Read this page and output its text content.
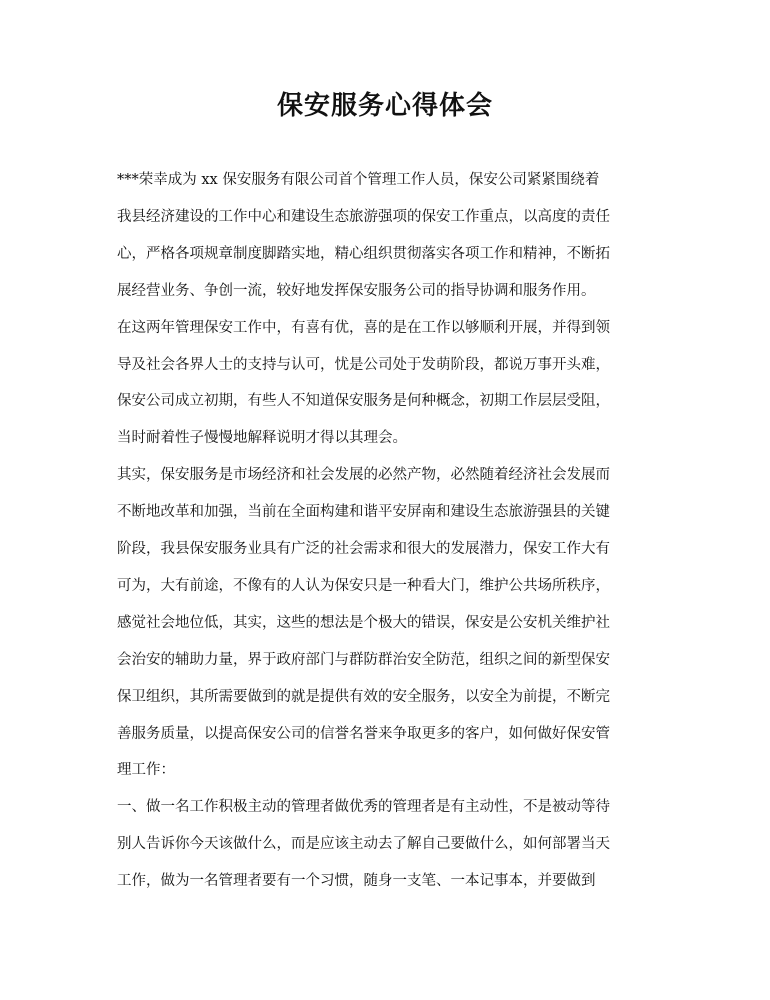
保安服务心得体会

***荣幸成为 xx 保安服务有限公司首个管理工作人员，保安公司紧紧围绕着

我县经济建设的工作中心和建设生态旅游强项的保安工作重点，以高度的责任

心，严格各项规章制度脚踏实地，精心组织贯彻落实各项工作和精神，不断拓

展经营业务、争创一流，较好地发挥保安服务公司的指导协调和服务作用。

在这两年管理保安工作中，有喜有优，喜的是在工作以够顺利开展，并得到领

导及社会各界人士的支持与认可，忧是公司处于发萌阶段，都说万事开头难，

保安公司成立初期，有些人不知道保安服务是何种概念，初期工作层层受阻，

当时耐着性子慢慢地解释说明才得以其理会。

其实，保安服务是市场经济和社会发展的必然产物，必然随着经济社会发展而

不断地改革和加强，当前在全面构建和谐平安屏南和建设生态旅游强县的关键

阶段，我县保安服务业具有广泛的社会需求和很大的发展潜力，保安工作大有

可为，大有前途，不像有的人认为保安只是一种看大门，维护公共场所秩序，

感觉社会地位低，其实，这些的想法是个极大的错误，保安是公安机关维护社

会治安的辅助力量，界于政府部门与群防群治安全防范，组织之间的新型保安

保卫组织，其所需要做到的就是提供有效的安全服务，以安全为前提，不断完

善服务质量，以提高保安公司的信誉名誉来争取更多的客户，如何做好保安管

理工作：

一、做一名工作积极主动的管理者做优秀的管理者是有主动性，不是被动等待

别人告诉你今天该做什么，而是应该主动去了解自己要做什么，如何部署当天

工作，做为一名管理者要有一个习惯，随身一支笔、一本记事本，并要做到
